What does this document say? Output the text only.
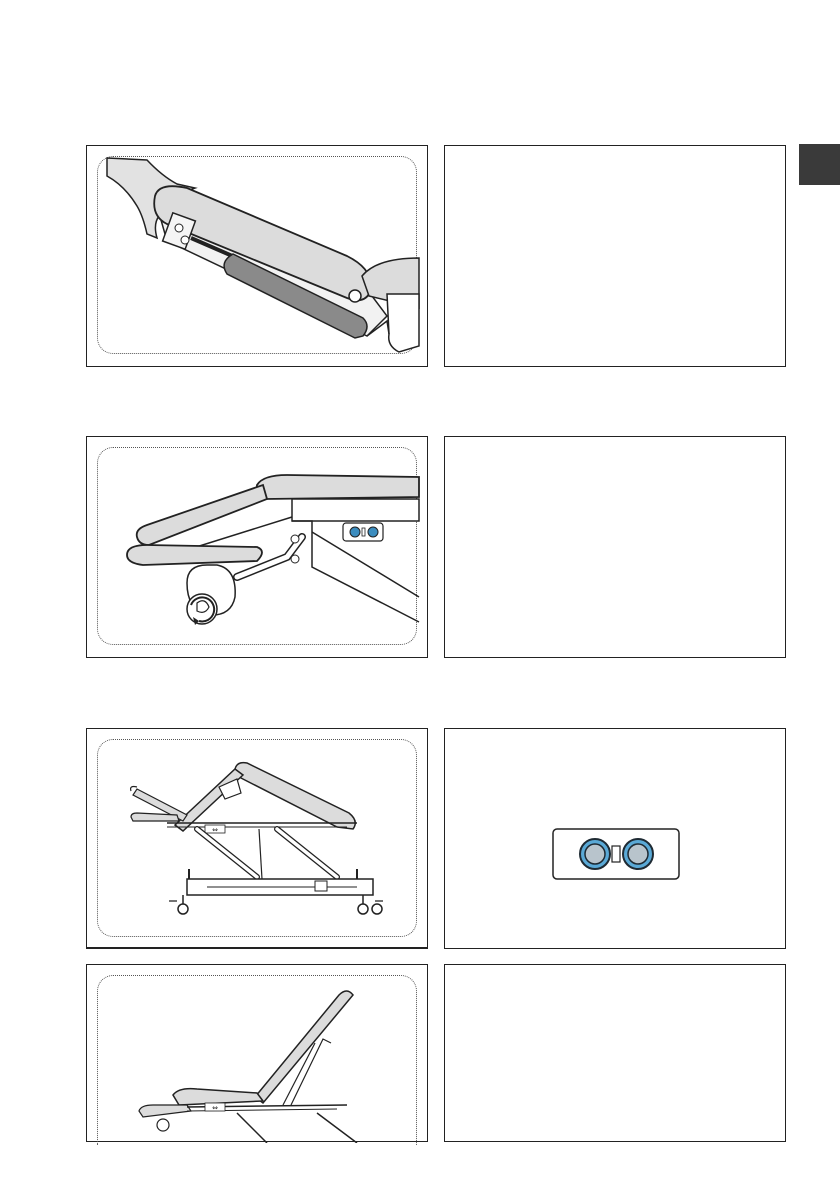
⇔
⇔
